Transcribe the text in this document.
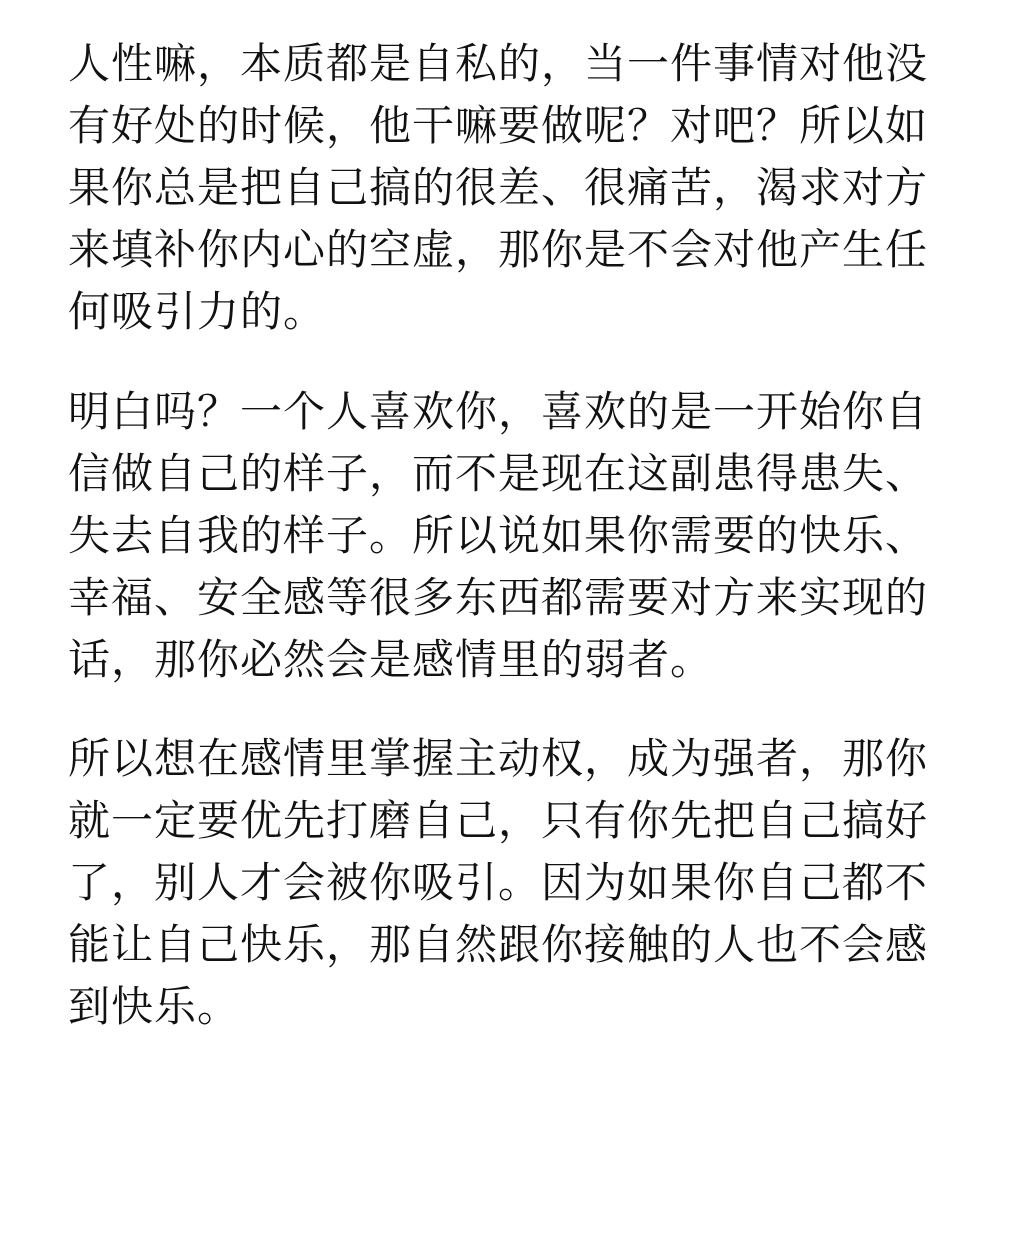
人性嘛，本质都是自私的，当一件事情对他没
有好处的时候，他干嘛要做呢？对吧？所以如
果你总是把自己搞的很差、很痛苦，渴求对方
来填补你内心的空虚，那你是不会对他产生任
何吸引力的。

明白吗？一个人喜欢你，喜欢的是一开始你自
信做自己的样子，而不是现在这副患得患失、
失去自我的样子。所以说如果你需要的快乐、
幸福、安全感等很多东西都需要对方来实现的
话，那你必然会是感情里的弱者。

所以想在感情里掌握主动权，成为强者，那你
就一定要优先打磨自己，只有你先把自己搞好
了，别人才会被你吸引。因为如果你自己都不
能让自己快乐，那自然跟你接触的人也不会感
到快乐。
